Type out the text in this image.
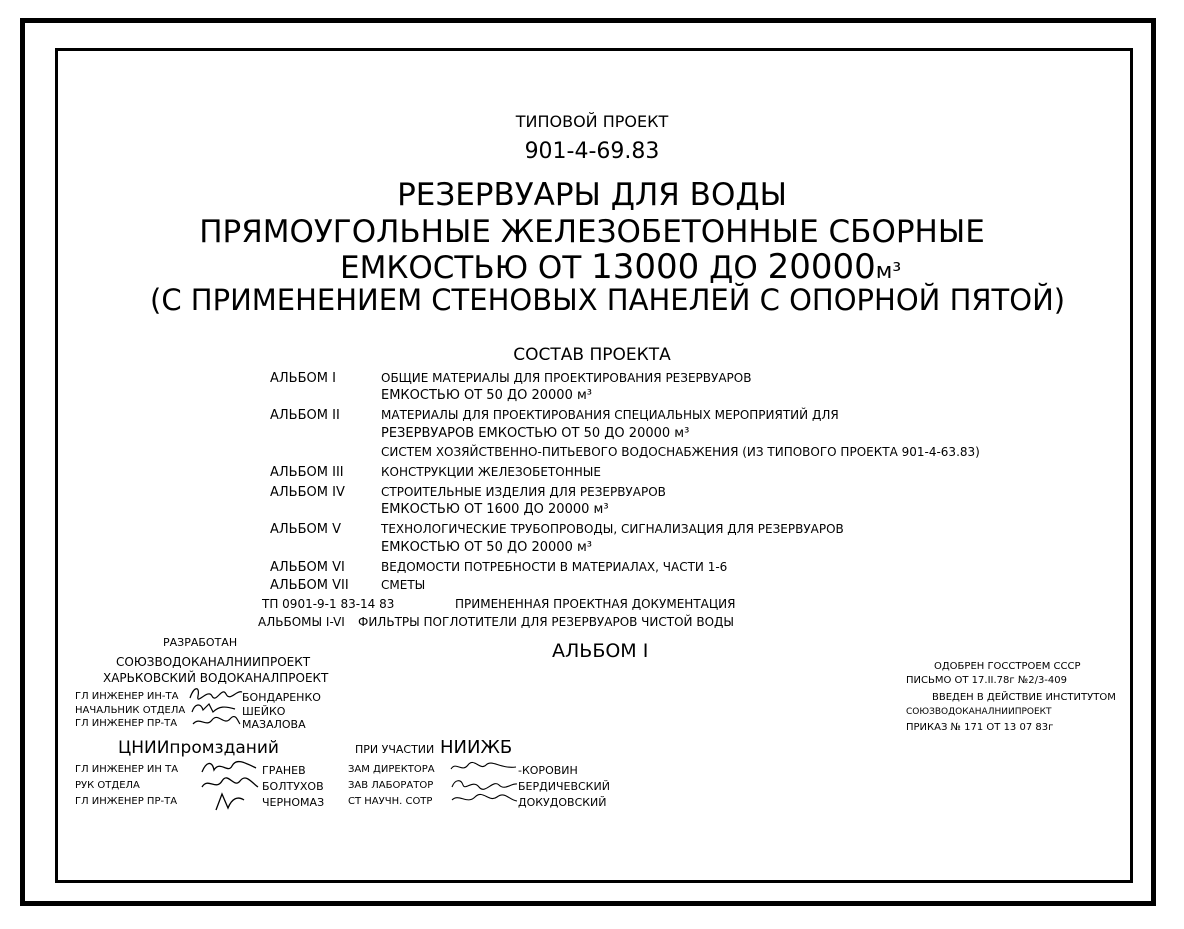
ТИПОВОЙ ПРОЕКТ
901-4-69.83
РЕЗЕРВУАРЫ ДЛЯ ВОДЫ
ПРЯМОУГОЛЬНЫЕ ЖЕЛЕЗОБЕТОННЫЕ СБОРНЫЕ
ЕМКОСТЬЮ ОТ 13000 ДО 20000м³
(С ПРИМЕНЕНИЕМ СТЕНОВЫХ ПАНЕЛЕЙ С ОПОРНОЙ ПЯТОЙ)
СОСТАВ ПРОЕКТА
АЛЬБОМ I	ОБЩИЕ МАТЕРИАЛЫ ДЛЯ ПРОЕКТИРОВАНИЯ РЕЗЕРВУАРОВ
ЕМКОСТЬЮ ОТ 50 ДО 20000 м³
АЛЬБОМ II	МАТЕРИАЛЫ ДЛЯ ПРОЕКТИРОВАНИЯ СПЕЦИАЛЬНЫХ МЕРОПРИЯТИЙ ДЛЯ
РЕЗЕРВУАРОВ ЕМКОСТЬЮ ОТ 50 ДО 20000 м³
СИСТЕМ ХОЗЯЙСТВЕННО-ПИТЬЕВОГО ВОДОСНАБЖЕНИЯ (ИЗ ТИПОВОГО ПРОЕКТА 901-4-63.83)
АЛЬБОМ III	КОНСТРУКЦИИ ЖЕЛЕЗОБЕТОННЫЕ
АЛЬБОМ IV	СТРОИТЕЛЬНЫЕ ИЗДЕЛИЯ ДЛЯ РЕЗЕРВУАРОВ
ЕМКОСТЬЮ ОТ 1600 ДО 20000 м³
АЛЬБОМ V	ТЕХНОЛОГИЧЕСКИЕ ТРУБОПРОВОДЫ, СИГНАЛИЗАЦИЯ ДЛЯ РЕЗЕРВУАРОВ
ЕМКОСТЬЮ ОТ 50 ДО 20000 м³
АЛЬБОМ VI	ВЕДОМОСТИ ПОТРЕБНОСТИ В МАТЕРИАЛАХ, ЧАСТИ 1-6
АЛЬБОМ VII	СМЕТЫ
ТП 0901-9-1 83-14 83	ПРИМЕНЕННАЯ ПРОЕКТНАЯ ДОКУМЕНТАЦИЯ
АЛЬБОМЫ I-VI ФИЛЬТРЫ ПОГЛОТИТЕЛИ ДЛЯ РЕЗЕРВУАРОВ ЧИСТОЙ ВОДЫ
АЛЬБОМ I
РАЗРАБОТАН
СОЮЗВОДОКАНАЛНИИПРОЕКТ
ХАРЬКОВСКИЙ ВОДОКАНАЛПРОЕКТ
ГЛ ИНЖЕНЕР ИН-ТА	БОНДАРЕНКО
НАЧАЛЬНИК ОТДЕЛА	ШЕЙКО
ГЛ ИНЖЕНЕР ПР-ТА	МАЗАЛОВА
ЦНИИпромзданий
ГЛ ИНЖЕНЕР ИН ТА	ГРАНЕВ
РУК ОТДЕЛА	БОЛТУХОВ
ГЛ ИНЖЕНЕР ПР-ТА	ЧЕРНОМАЗ
ПРИ УЧАСТИИ НИИЖБ
ЗАМ ДИРЕКТОРА	-КОРОВИН
ЗАВ ЛАБОРАТОР	БЕРДИЧЕВСКИЙ
СТ НАУЧН. СОТР	ДОКУДОВСКИЙ
ОДОБРЕН ГОССТРОЕМ СССР
ПИСЬМО ОТ 17.II.78г №2/3-409
ВВЕДЕН В ДЕЙСТВИЕ ИНСТИТУТОМ
СОЮЗВОДОКАНАЛНИИПРОЕКТ
ПРИКАЗ № 171 ОТ 13 07 83г
